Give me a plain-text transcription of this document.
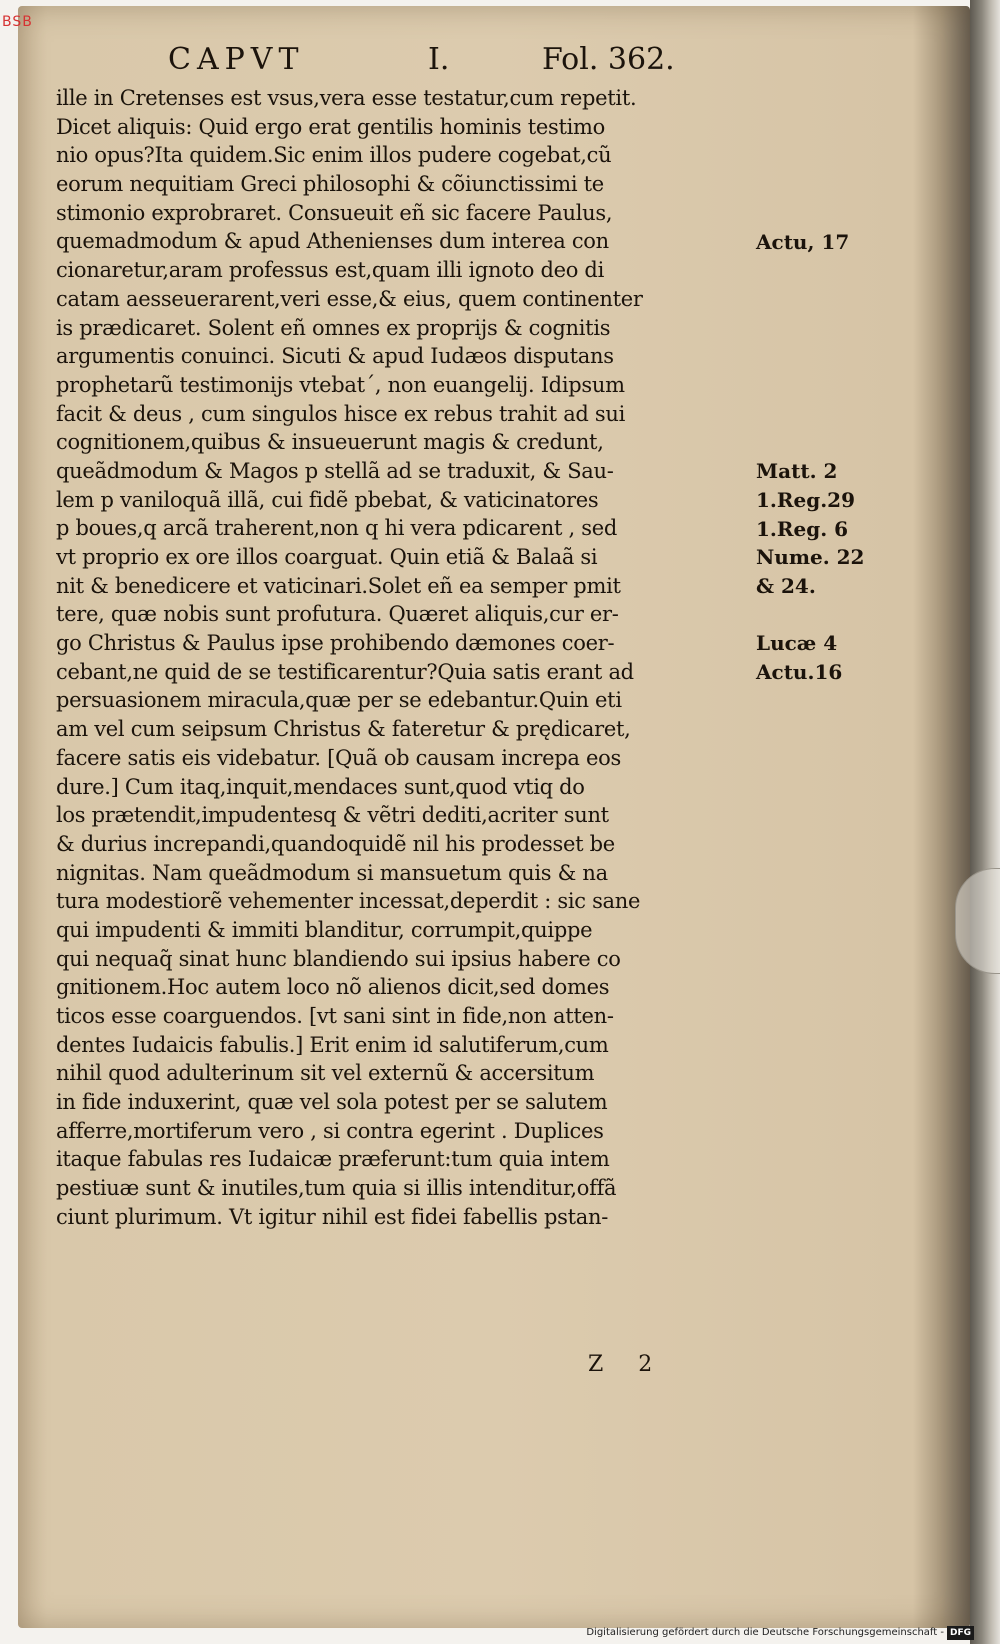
BSB
CAPVT	I.	Fol. 362.
ille in Cretenses est vsus,vera esse testatur,cum repetit.
Dicet aliquis: Quid ergo erat gentilis hominis testimo
nio opus?Ita quidem.Sic enim illos pudere cogebat,cũ
eorum nequitiam Greci philosophi & cõiunctissimi te
stimonio exprobraret. Consueuit eñ sic facere Paulus,
quemadmodum & apud Athenienses dum interea con
cionaretur,aram professus est,quam illi ignoto deo di
catam aesseuerarent,veri esse,& eius, quem continenter
is prædicaret. Solent eñ omnes ex proprijs & cognitis
argumentis conuinci. Sicuti & apud Iudæos disputans
prophetarũ testimonijs vtebatˊ, non euangelij. Idipsum
facit & deus , cum singulos hisce ex rebus trahit ad sui
cognitionem,quibus & insueuerunt magis & credunt,
queãdmodum & Magos p stellã ad se traduxit, & Sau-
lem p vaniloquã illã, cui fidẽ pbebat, & vaticinatores
p boues,q arcã traherent,non q hi vera pdicarent , sed
vt proprio ex ore illos coarguat. Quin etiã & Balaã si
nit & benedicere et vaticinari.Solet eñ ea semper pmit
tere, quæ nobis sunt profutura. Quæret aliquis,cur er-
go Christus & Paulus ipse prohibendo dæmones coer-
cebant,ne quid de se testificarentur?Quia satis erant ad
persuasionem miracula,quæ per se edebantur.Quin eti
am vel cum seipsum Christus & fateretur & prędicaret,
facere satis eis videbatur. [Quã ob causam increpa eos
dure.] Cum itaq,inquit,mendaces sunt,quod vtiq do
los prætendit,impudentesq & vẽtri dediti,acriter sunt
& durius increpandi,quandoquidẽ nil his prodesset be
nignitas. Nam queãdmodum si mansuetum quis & na
tura modestiorẽ vehementer incessat,deperdit : sic sane
qui impudenti & immiti blanditur, corrumpit,quippe
qui nequaq̃ sinat hunc blandiendo sui ipsius habere co
gnitionem.Hoc autem loco nõ alienos dicit,sed domes
ticos esse coarguendos. [vt sani sint in fide,non atten-
dentes Iudaicis fabulis.] Erit enim id salutiferum,cum
nihil quod adulterinum sit vel externũ & accersitum
in fide induxerint, quæ vel sola potest per se salutem
afferre,mortiferum vero , si contra egerint . Duplices
itaque fabulas res Iudaicæ præferunt:tum quia intem
pestiuæ sunt & inutiles,tum quia si illis intenditur,offã
ciunt plurimum. Vt igitur nihil est fidei fabellis pstan-
Actu, 17
Matt. 2
1.Reg.29
1.Reg. 6
Nume. 22
& 24.
Lucæ 4
Actu.16
Z 2
Digitalisierung gefördert durch die Deutsche Forschungsgemeinschaft - DFG
